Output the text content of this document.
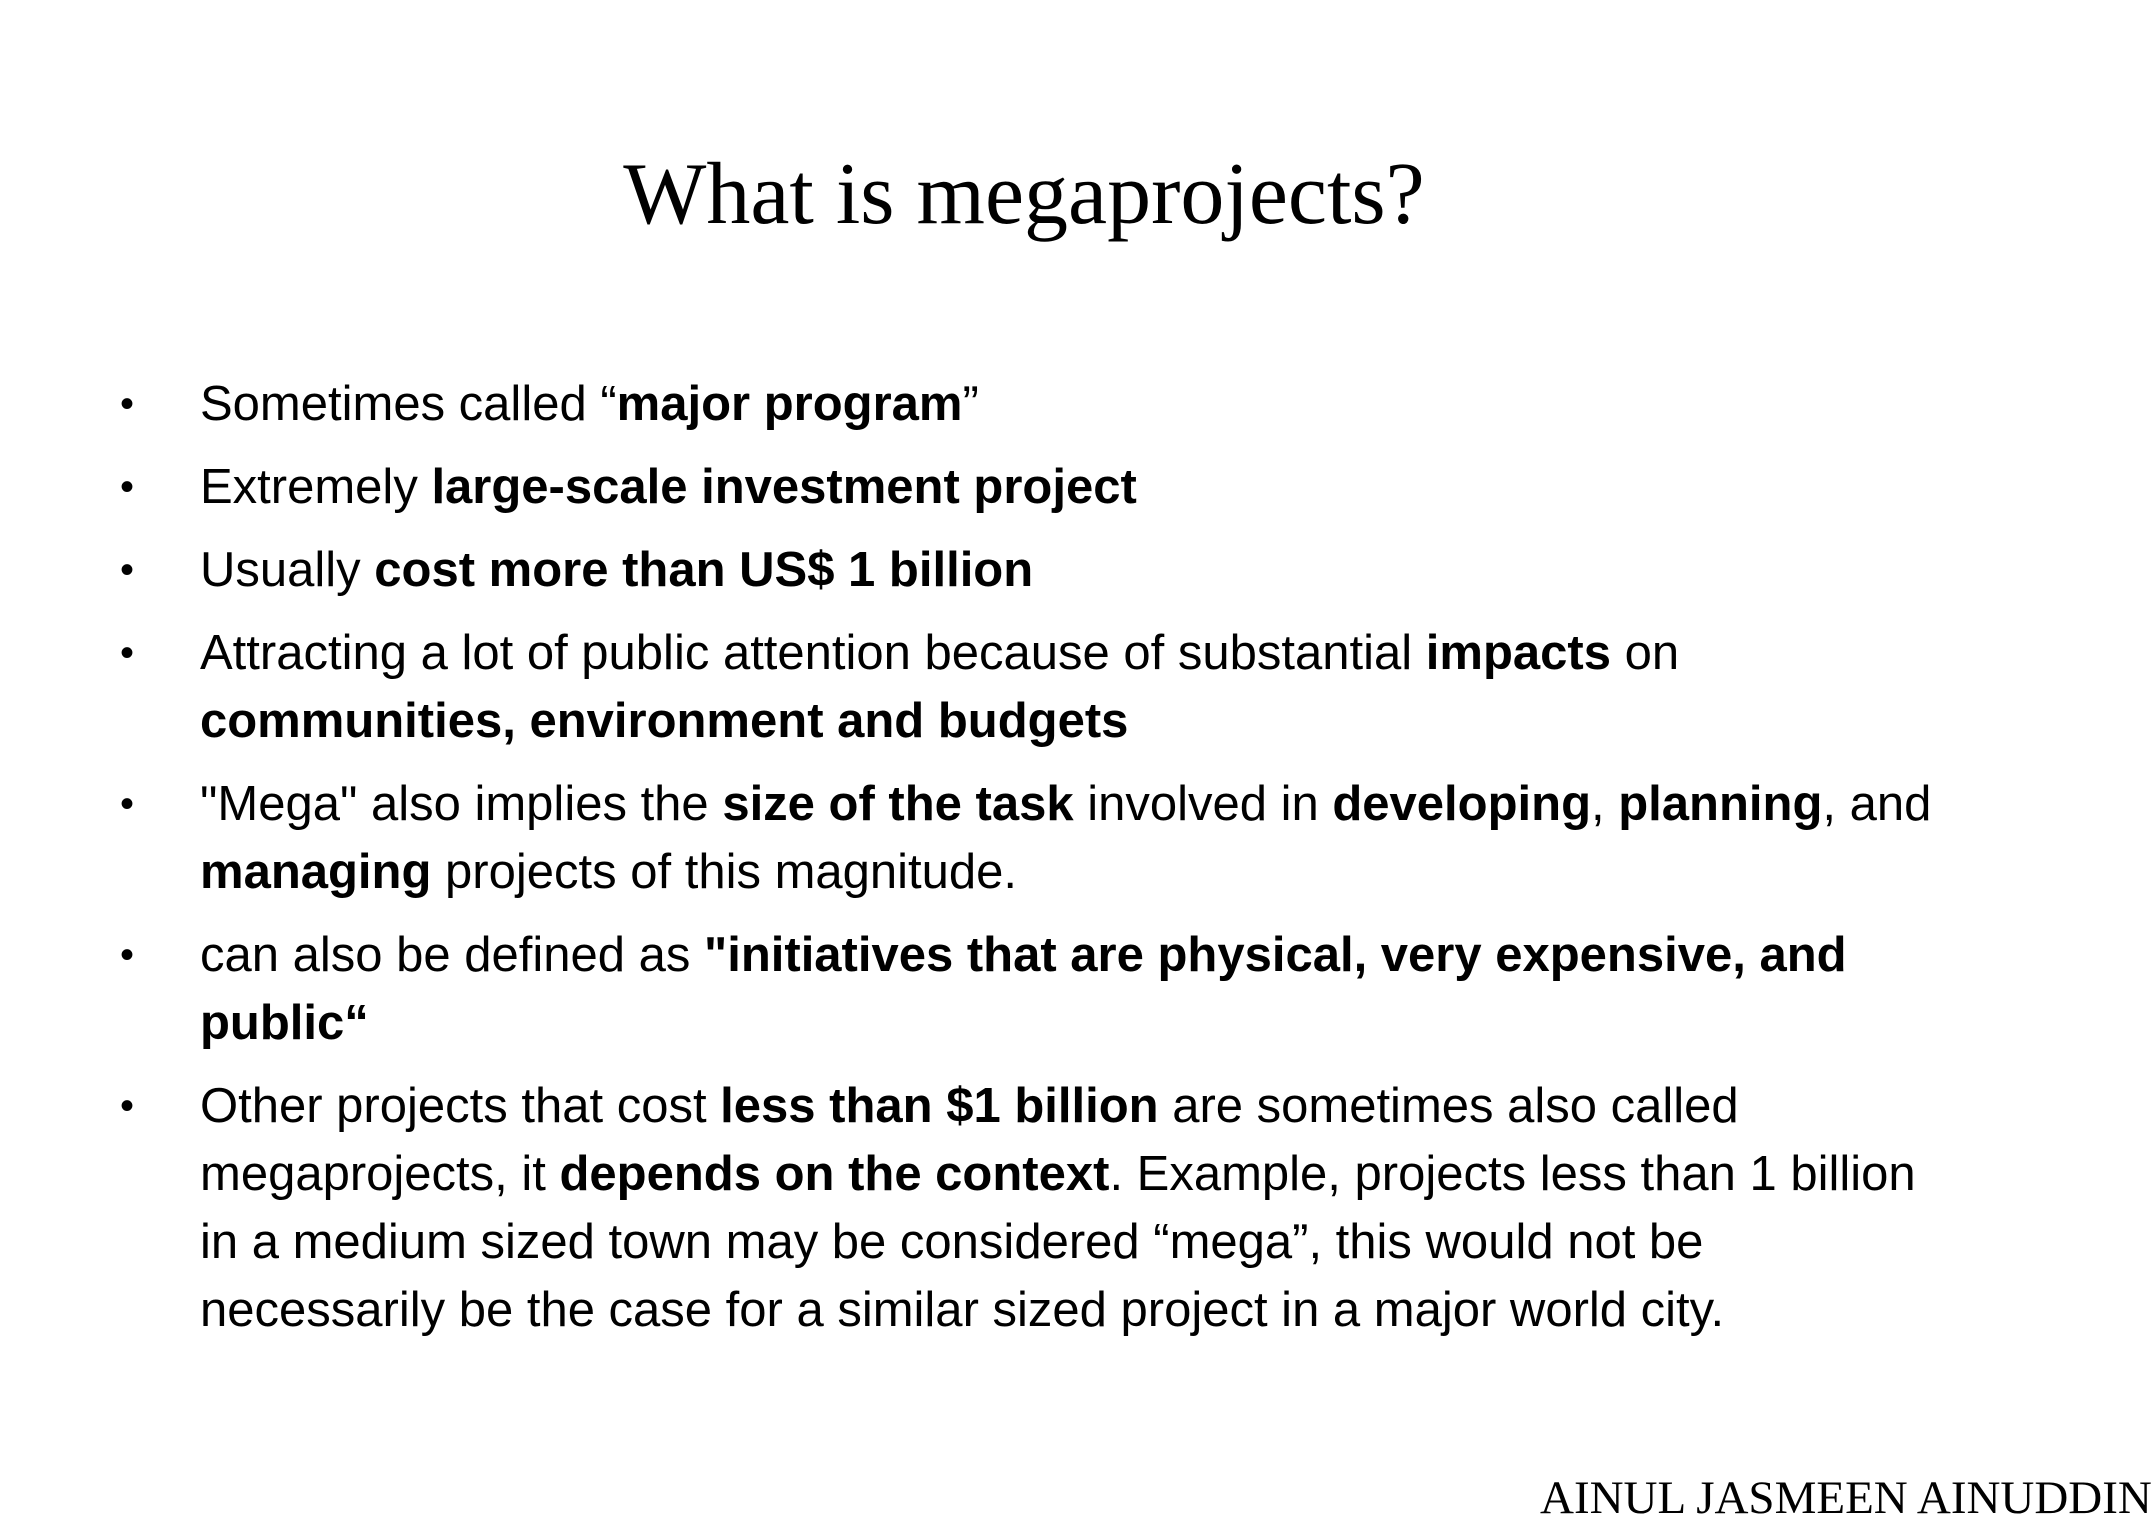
What is megaprojects?
•	Sometimes called “major program”
•	Extremely large-scale investment project
•	Usually cost more than US$ 1 billion
•	Attracting a lot of public attention because of substantial impacts on communities, environment and budgets
•	"Mega" also implies the size of the task involved in developing, planning, and managing projects of this magnitude.
•	can also be defined as "initiatives that are physical, very expensive, and public“
•	Other projects that cost less than $1 billion are sometimes also called megaprojects, it depends on the context. Example, projects less than 1 billion in a medium sized town may be considered “mega”, this would not be necessarily be the case for a similar sized project in a major world city.
AINUL JASMEEN AINUDDIN
